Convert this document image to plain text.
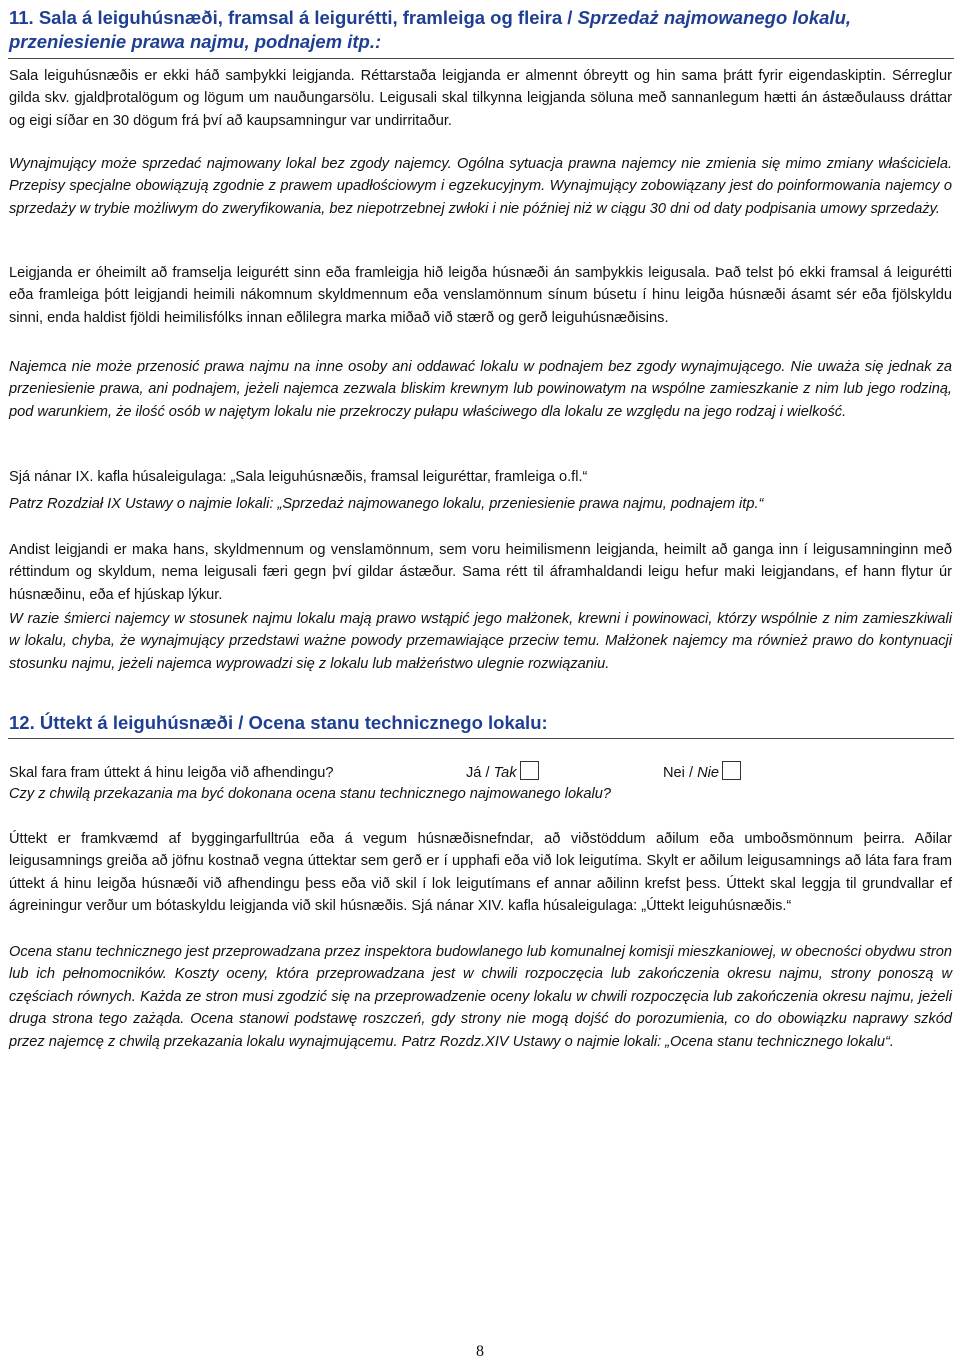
11. Sala á leiguhúsnæði, framsal á leigurétti, framleiga og fleira / Sprzedaż najmowanego lokalu,
przeniesienie prawa najmu, podnajem itp.:

Sala leiguhúsnæðis er ekki háð samþykki leigjanda. Réttarstaða leigjanda er almennt óbreytt og hin sama þrátt fyrir eigendaskiptin. Sérreglur gilda skv. gjaldþrotalögum og lögum um nauðungarsölu. Leigusali skal tilkynna leigjanda söluna með sannanlegum hætti án ástæðulauss dráttar og eigi síðar en 30 dögum frá því að kaupsamningur var undirritaður.

Wynajmujący może sprzedać najmowany lokal bez zgody najemcy. Ogólna sytuacja prawna najemcy nie zmienia się mimo zmiany właściciela. Przepisy specjalne obowiązują zgodnie z prawem upadłościowym i egzekucyjnym. Wynajmujący zobowiązany jest do poinformowania najemcy o sprzedaży w trybie możliwym do zweryfikowania, bez niepotrzebnej zwłoki i nie później niż w ciągu 30 dni od daty podpisania umowy sprzedaży.

Leigjanda er óheimilt að framselja leigurétt sinn eða framleigja hið leigða húsnæði án samþykkis leigusala. Það telst þó ekki framsal á leigurétti eða framleiga þótt leigjandi heimili nákomnum skyldmennum eða venslamönnum sínum búsetu í hinu leigða húsnæði ásamt sér eða fjölskyldu sinni, enda haldist fjöldi heimilisfólks innan eðlilegra marka miðað við stærð og gerð leiguhúsnæðisins.

Najemca nie może przenosić prawa najmu na inne osoby ani oddawać lokalu w podnajem bez zgody wynajmującego. Nie uważa się jednak za przeniesienie prawa, ani podnajem, jeżeli najemca zezwala bliskim krewnym lub powinowatym na wspólne zamieszkanie z nim lub jego rodziną, pod warunkiem, że ilość osób w najętym lokalu nie przekroczy pułapu właściwego dla lokalu ze względu na jego rodzaj i wielkość.

Sjá nánar IX. kafla húsaleigulaga: „Sala leiguhúsnæðis, framsal leiguréttar, framleiga o.fl.“

Patrz Rozdział IX Ustawy o najmie lokali: „Sprzedaż najmowanego lokalu, przeniesienie prawa najmu, podnajem itp.“

Andist leigjandi er maka hans, skyldmennum og venslamönnum, sem voru heimilismenn leigjanda, heimilt að ganga inn í leigusamninginn með réttindum og skyldum, nema leigusali færi gegn því gildar ástæður. Sama rétt til áframhaldandi leigu hefur maki leigjandans, ef hann flytur úr húsnæðinu, eða ef hjúskap lýkur.

W razie śmierci najemcy w stosunek najmu lokalu mają prawo wstąpić jego małżonek, krewni i powinowaci, którzy wspólnie z nim zamieszkiwali w lokalu, chyba, że wynajmujący przedstawi ważne powody przemawiające przeciw temu. Małżonek najemcy ma również prawo do kontynuacji stosunku najmu, jeżeli najemca wyprowadzi się z lokalu lub małżeństwo ulegnie rozwiązaniu.

12. Úttekt á leiguhúsnæði / Ocena stanu technicznego lokalu:
Skal fara fram úttekt á hinu leigða við afhendingu?	Já / Tak	Nei / Nie
Czy z chwilą przekazania ma być dokonana ocena stanu technicznego najmowanego lokalu?

Úttekt er framkvæmd af byggingarfulltrúa eða á vegum húsnæðisnefndar, að viðstöddum aðilum eða umboðsmönnum þeirra. Aðilar leigusamnings greiða að jöfnu kostnað vegna úttektar sem gerð er í upphafi eða við lok leigutíma. Skylt er aðilum leigusamnings að láta fara fram úttekt á hinu leigða húsnæði við afhendingu þess eða við skil í lok leigutímans ef annar aðilinn krefst þess. Úttekt skal leggja til grundvallar ef ágreiningur verður um bótaskyldu leigjanda við skil húsnæðis. Sjá nánar XIV. kafla húsaleigulaga: „Úttekt leiguhúsnæðis.“

Ocena stanu technicznego jest przeprowadzana przez inspektora budowlanego lub komunalnej komisji mieszkaniowej, w obecności obydwu stron lub ich pełnomocników. Koszty oceny, która przeprowadzana jest w chwili rozpoczęcia lub zakończenia okresu najmu, strony ponoszą w częściach równych. Każda ze stron musi zgodzić się na przeprowadzenie oceny lokalu w chwili rozpoczęcia lub zakończenia okresu najmu, jeżeli druga strona tego zażąda. Ocena stanowi podstawę roszczeń, gdy strony nie mogą dojść do porozumienia, co do obowiązku naprawy szkód przez najemcę z chwilą przekazania lokalu wynajmującemu. Patrz Rozdz.XIV Ustawy o najmie lokali: „Ocena stanu technicznego lokalu“.

8
